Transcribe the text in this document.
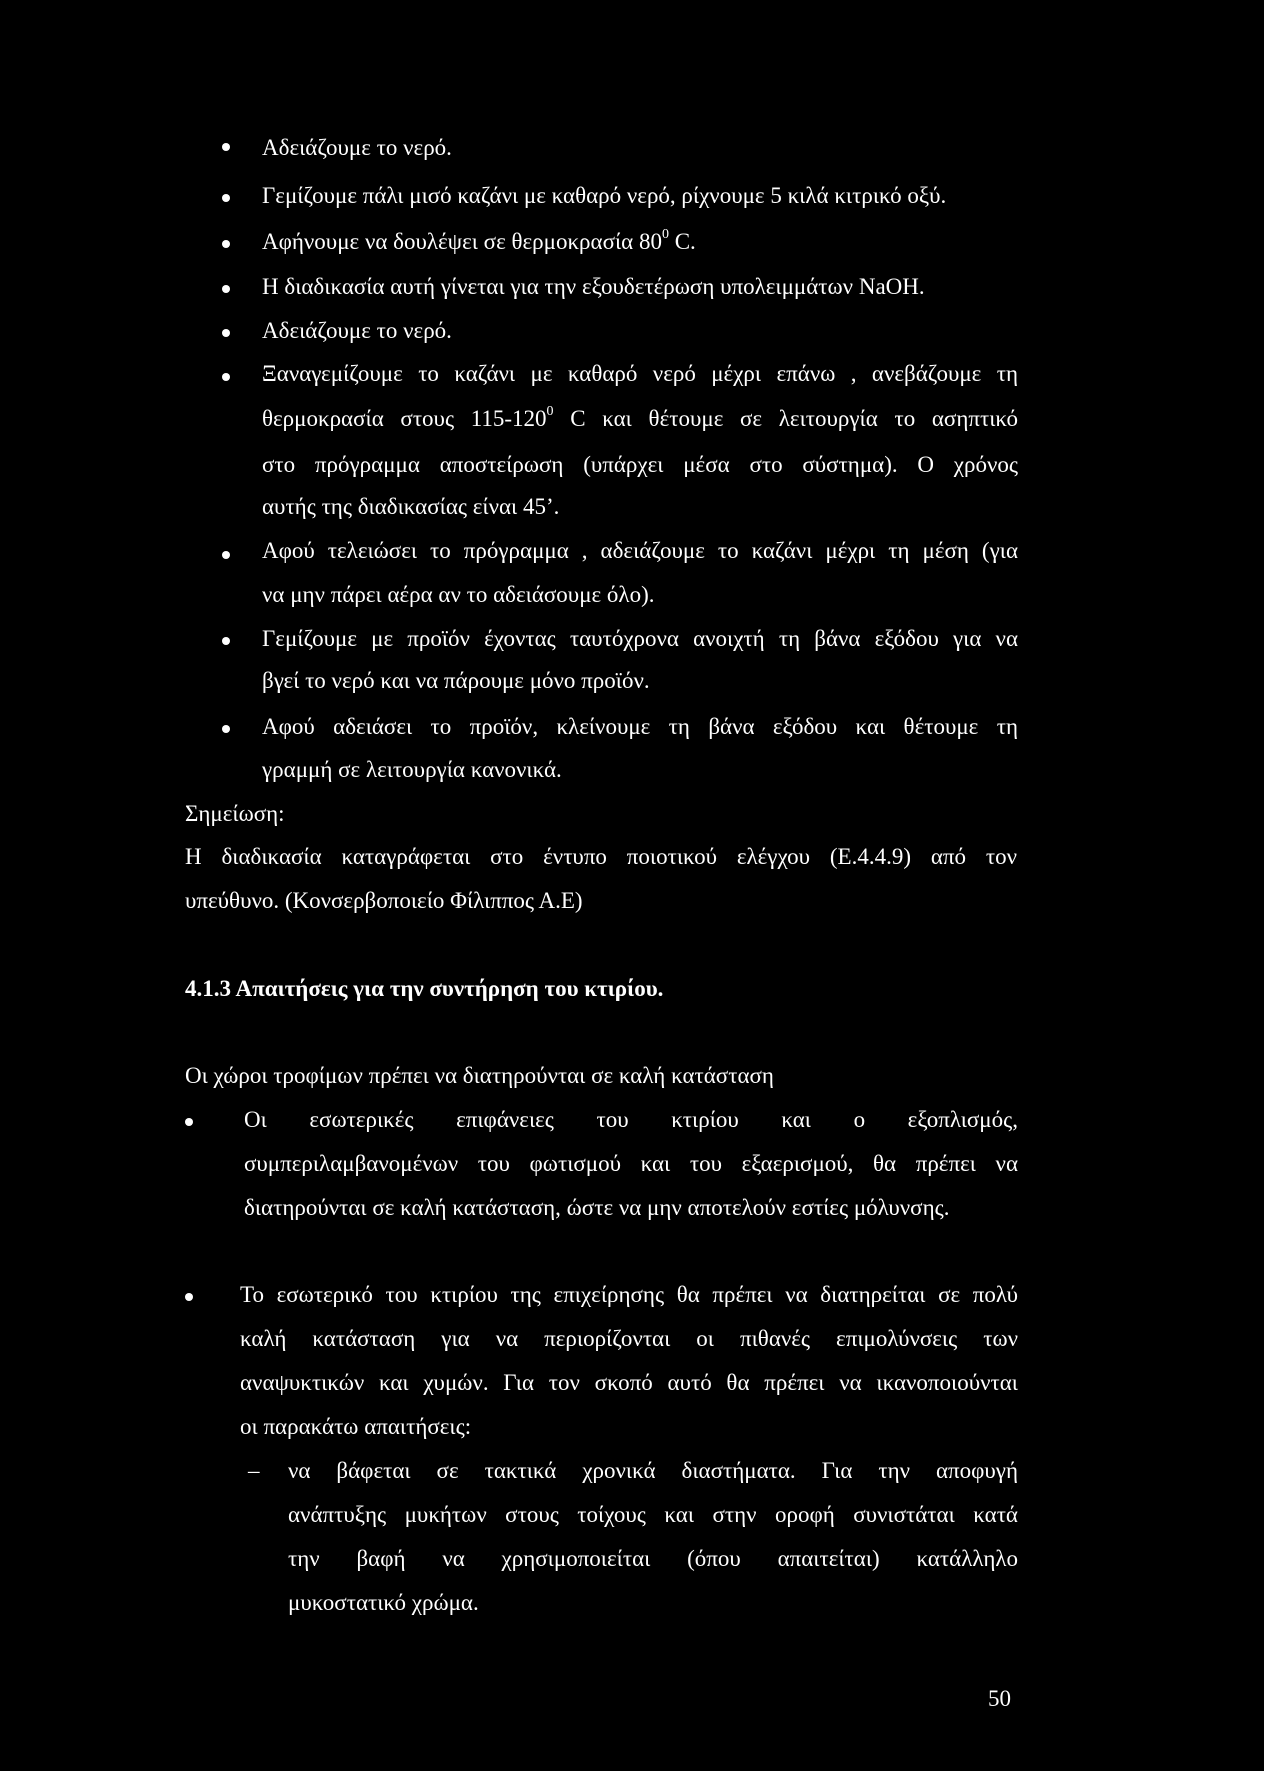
Αδειάζουμε το νερό.
Γεμίζουμε πάλι μισό καζάνι με καθαρό νερό, ρίχνουμε 5 κιλά κιτρικό οξύ.
Αφήνουμε να δουλέψει σε θερμοκρασία $80^0$ C.
Η διαδικασία αυτή γίνεται για την εξουδετέρωση υπολειμμάτων NaOH.
Αδειάζουμε το νερό.
Ξαναγεμίζουμε το καζάνι με καθαρό νερό μέχρι επάνω , ανεβάζουμε τη
θερμοκρασία στους $115-120^0$ C και θέτουμε σε λειτουργία το ασηπτικό
στο πρόγραμμα αποστείρωση (υπάρχει μέσα στο σύστημα). Ο χρόνος
αυτής της διαδικασίας είναι 45’.
Αφού τελειώσει το πρόγραμμα , αδειάζουμε το καζάνι μέχρι τη μέση (για
να μην πάρει αέρα αν το αδειάσουμε όλο).
Γεμίζουμε με προϊόν έχοντας ταυτόχρονα ανοιχτή τη βάνα εξόδου για να
βγεί το νερό και να πάρουμε μόνο προϊόν.
Αφού αδειάσει το προϊόν, κλείνουμε τη βάνα εξόδου και θέτουμε τη
γραμμή σε λειτουργία κανονικά.
Σημείωση:
Η διαδικασία καταγράφεται στο έντυπο ποιοτικού ελέγχου (Ε.4.4.9) από τον
υπεύθυνο. (Κονσερβοποιείο Φίλιππος Α.Ε)
4.1.3 Απαιτήσεις για την συντήρηση του κτιρίου.
Οι χώροι τροφίμων πρέπει να διατηρούνται σε καλή κατάσταση
Οι εσωτερικές επιφάνειες του κτιρίου και ο εξοπλισμός,
συμπεριλαμβανομένων του φωτισμού και του εξαερισμού, θα πρέπει να
διατηρούνται σε καλή κατάσταση, ώστε να μην αποτελούν εστίες μόλυνσης.
Το εσωτερικό του κτιρίου της επιχείρησης θα πρέπει να διατηρείται σε πολύ
καλή κατάσταση για να περιορίζονται οι πιθανές επιμολύνσεις των
αναψυκτικών και χυμών. Για τον σκοπό αυτό θα πρέπει να ικανοποιούνται
οι παρακάτω απαιτήσεις:
– να βάφεται σε τακτικά χρονικά διαστήματα. Για την αποφυγή
ανάπτυξης μυκήτων στους τοίχους και στην οροφή συνιστάται κατά
την βαφή να χρησιμοποιείται (όπου απαιτείται) κατάλληλο
μυκοστατικό χρώμα.
50
